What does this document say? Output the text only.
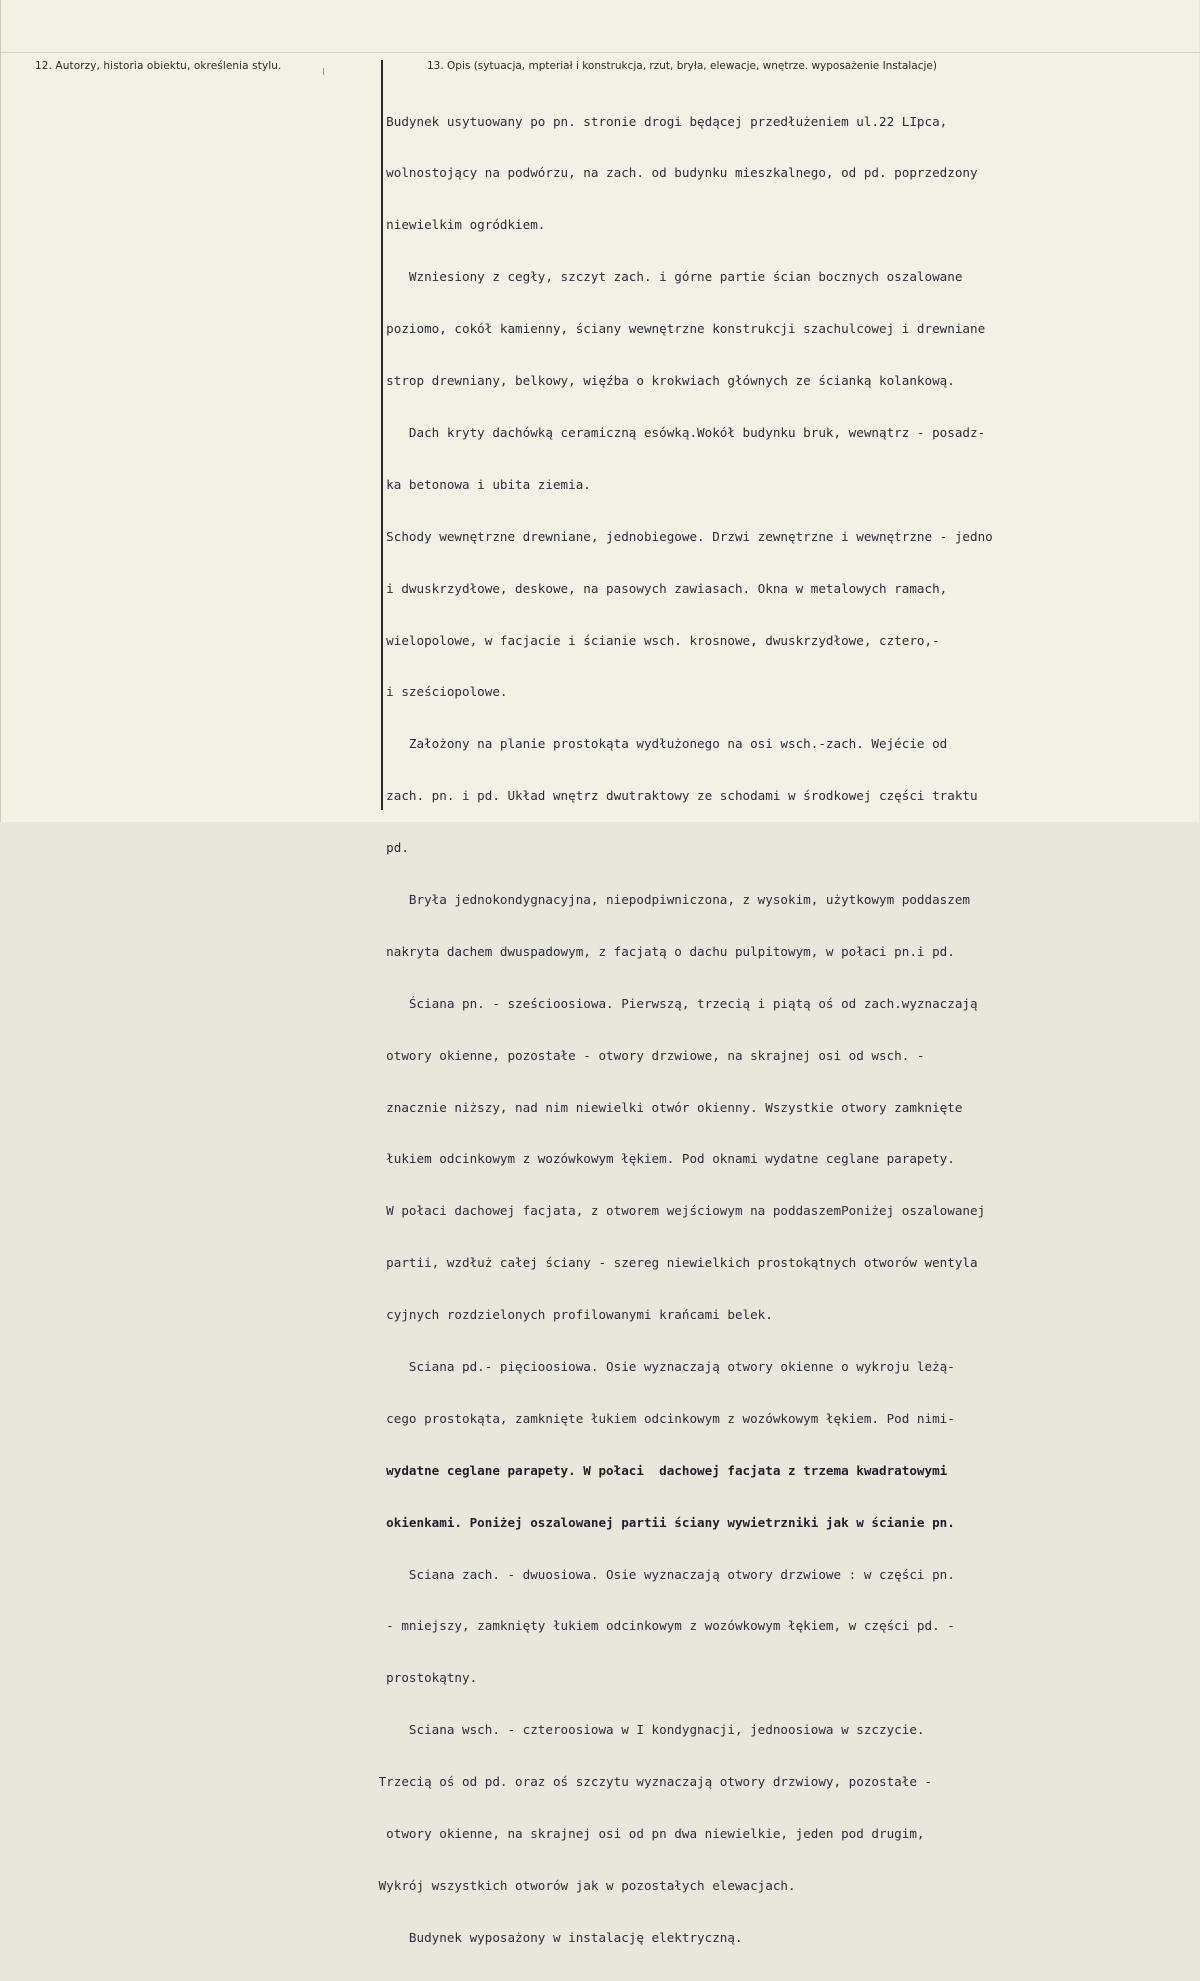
12. Autorzy, historia obiektu, określenia stylu.	13. Opis (sytuacja, mpteriał i konstrukcja, rzut, bryła, elewacje, wnętrze. wyposażenie Instalacje)

Budynek usytuowany po pn. stronie drogi będącej przedłużeniem ul.22 LIpca,

wolnostojący na podwórzu, na zach. od budynku mieszkalnego, od pd. poprzedzony

niewielkim ogródkiem.

Wzniesiony z cegły, szczyt zach. i górne partie ścian bocznych oszalowane

poziomo, cokół kamienny, ściany wewnętrzne konstrukcji szachulcowej i drewniane

strop drewniany, belkowy, więźba o krokwiach głównych ze ścianką kolankową.

Dach kryty dachówką ceramiczną esówką.Wokół budynku bruk, wewnątrz - posadz-

ka betonowa i ubita ziemia.

Schody wewnętrzne drewniane, jednobiegowe. Drzwi zewnętrzne i wewnętrzne - jedno

i dwuskrzydłowe, deskowe, na pasowych zawiasach. Okna w metalowych ramach,

wielopolowe, w facjacie i ścianie wsch. krosnowe, dwuskrzydłowe, cztero,-

i sześciopolowe.

Założony na planie prostokąta wydłużonego na osi wsch.-zach. Wejécie od

zach. pn. i pd. Układ wnętrz dwutraktowy ze schodami w środkowej części traktu

pd.

Bryła jednokondygnacyjna, niepodpiwniczona, z wysokim, użytkowym poddaszem

nakryta dachem dwuspadowym, z facjatą o dachu pulpitowym, w połaci pn.i pd.

Ściana pn. - sześcioosiowa. Pierwszą, trzecią i piątą oś od zach.wyznaczają

otwory okienne, pozostałe - otwory drzwiowe, na skrajnej osi od wsch. -

znacznie niższy, nad nim niewielki otwór okienny. Wszystkie otwory zamknięte

łukiem odcinkowym z wozówkowym łękiem. Pod oknami wydatne ceglane parapety.

W połaci dachowej facjata, z otworem wejściowym na poddaszemPoniżej oszalowanej

partii, wzdłuż całej ściany - szereg niewielkich prostokątnych otworów wentyla

cyjnych rozdzielonych profilowanymi krańcami belek.

Sciana pd.- pięcioosiowa. Osie wyznaczają otwory okienne o wykroju leżą-

cego prostokąta, zamknięte łukiem odcinkowym z wozówkowym łękiem. Pod nimi-

wydatne ceglane parapety. W połaci  dachowej facjata z trzema kwadratowymi

okienkami. Poniżej oszalowanej partii ściany wywietrzniki jak w ścianie pn.

Sciana zach. - dwuosiowa. Osie wyznaczają otwory drzwiowe : w części pn.

- mniejszy, zamknięty łukiem odcinkowym z wozówkowym łękiem, w części pd. -

prostokątny.

Sciana wsch. - czteroosiowa w I kondygnacji, jednoosiowa w szczycie.

Trzecią oś od pd. oraz oś szczytu wyznaczają otwory drzwiowy, pozostałe -

otwory okienne, na skrajnej osi od pn dwa niewielkie, jeden pod drugim,

Wykrój wszystkich otworów jak w pozostałych elewacjach.

Budynek wyposażony w instalację elektryczną.
